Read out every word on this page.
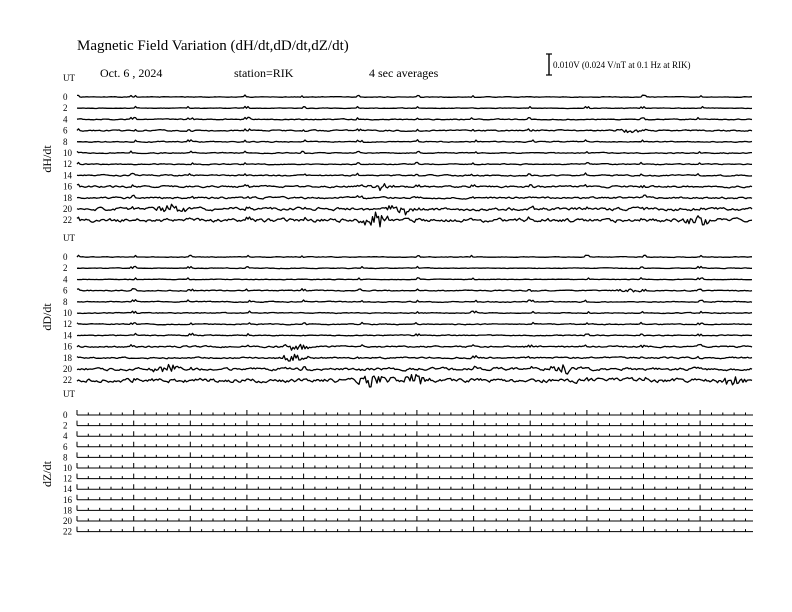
Magnetic Field Variation (dH/dt,dD/dt,dZ/dt)
Oct. 6 , 2024	station=RIK	4 sec averages
0.010V (0.024 V/nT at 0.1 Hz at RIK)
UT
dH/dt
0
2
4
6
8
10
12
14
16
18
20
22
UT
dD/dt
0
2
4
6
8
10
12
14
16
18
20
22
UT
dZ/dt
0
2
4
6
8
10
12
14
16
18
20
22
